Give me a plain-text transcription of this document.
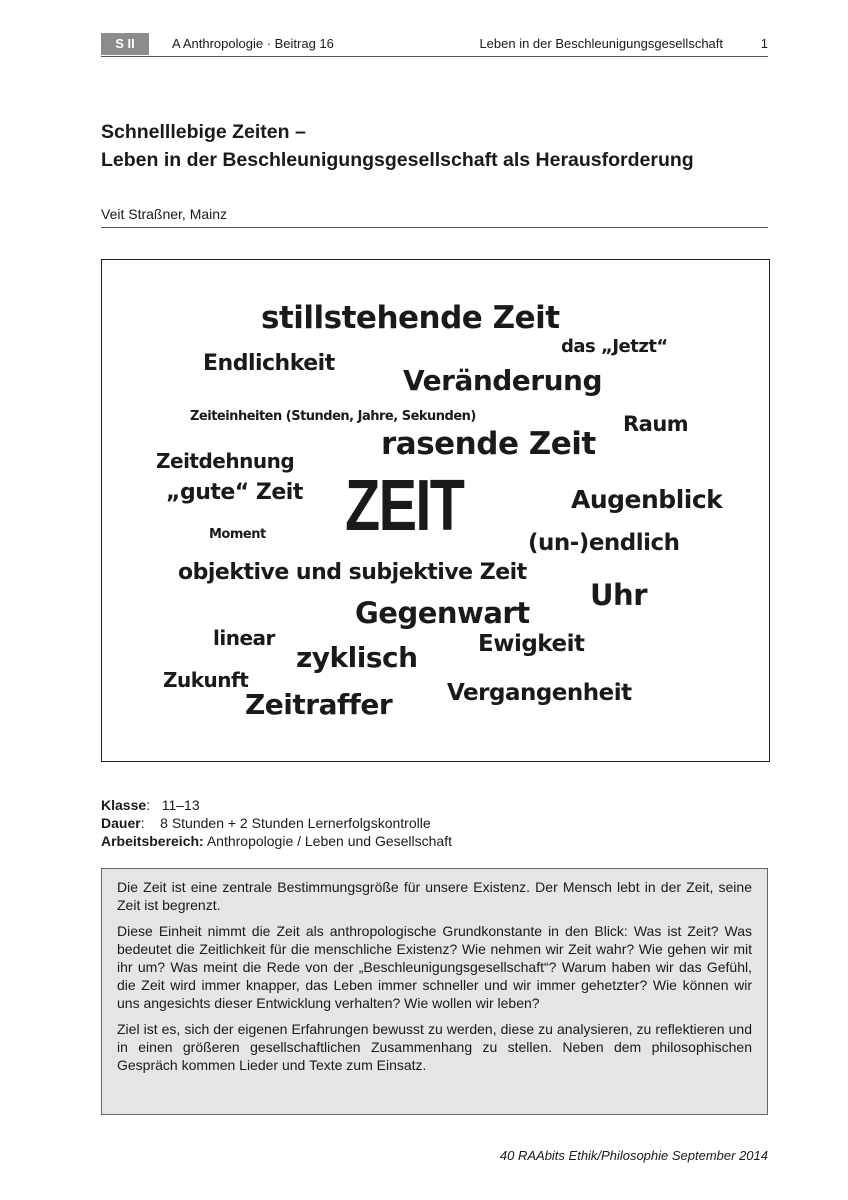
S II	A Anthropologie · Beitrag 16	Leben in der Beschleunigungsgesellschaft	1
Schnelllebige Zeiten –
Leben in der Beschleunigungsgesellschaft als Herausforderung
Veit Straßner, Mainz
stillstehende Zeit
das „Jetzt“
Endlichkeit
Veränderung
Zeiteinheiten (Stunden, Jahre, Sekunden)	Raum
rasende Zeit
Zeitdehnung
„gute“ Zeit ZEIT	Augenblick
Moment	(un-)endlich
objektive und subjektive Zeit
Uhr
Gegenwart
linear	Ewigkeit
zyklisch
Zukunft
Zeitraffer Vergangenheit
Klasse:   11–13
Dauer:    8 Stunden + 2 Stunden Lernerfolgskontrolle
Arbeitsbereich: Anthropologie / Leben und Gesellschaft

Die Zeit ist eine zentrale Bestimmungsgröße für unsere Existenz. Der Mensch lebt in der Zeit, seine Zeit ist begrenzt.

Diese Einheit nimmt die Zeit als anthropologische Grundkonstante in den Blick: Was ist Zeit? Was bedeutet die Zeitlichkeit für die menschliche Existenz? Wie nehmen wir Zeit wahr? Wie gehen wir mit ihr um? Was meint die Rede von der „Beschleunigungsgesellschaft“? Warum haben wir das Gefühl, die Zeit wird immer knapper, das Leben immer schneller und wir immer gehetzter? Wie können wir uns angesichts dieser Entwicklung verhalten? Wie wollen wir leben?

Ziel ist es, sich der eigenen Erfahrungen bewusst zu werden, diese zu analysieren, zu reflektieren und in einen größeren gesellschaftlichen Zusammenhang zu stellen. Neben dem philosophischen Gespräch kommen Lieder und Texte zum Einsatz.

40 RAAbits Ethik/Philosophie September 2014
